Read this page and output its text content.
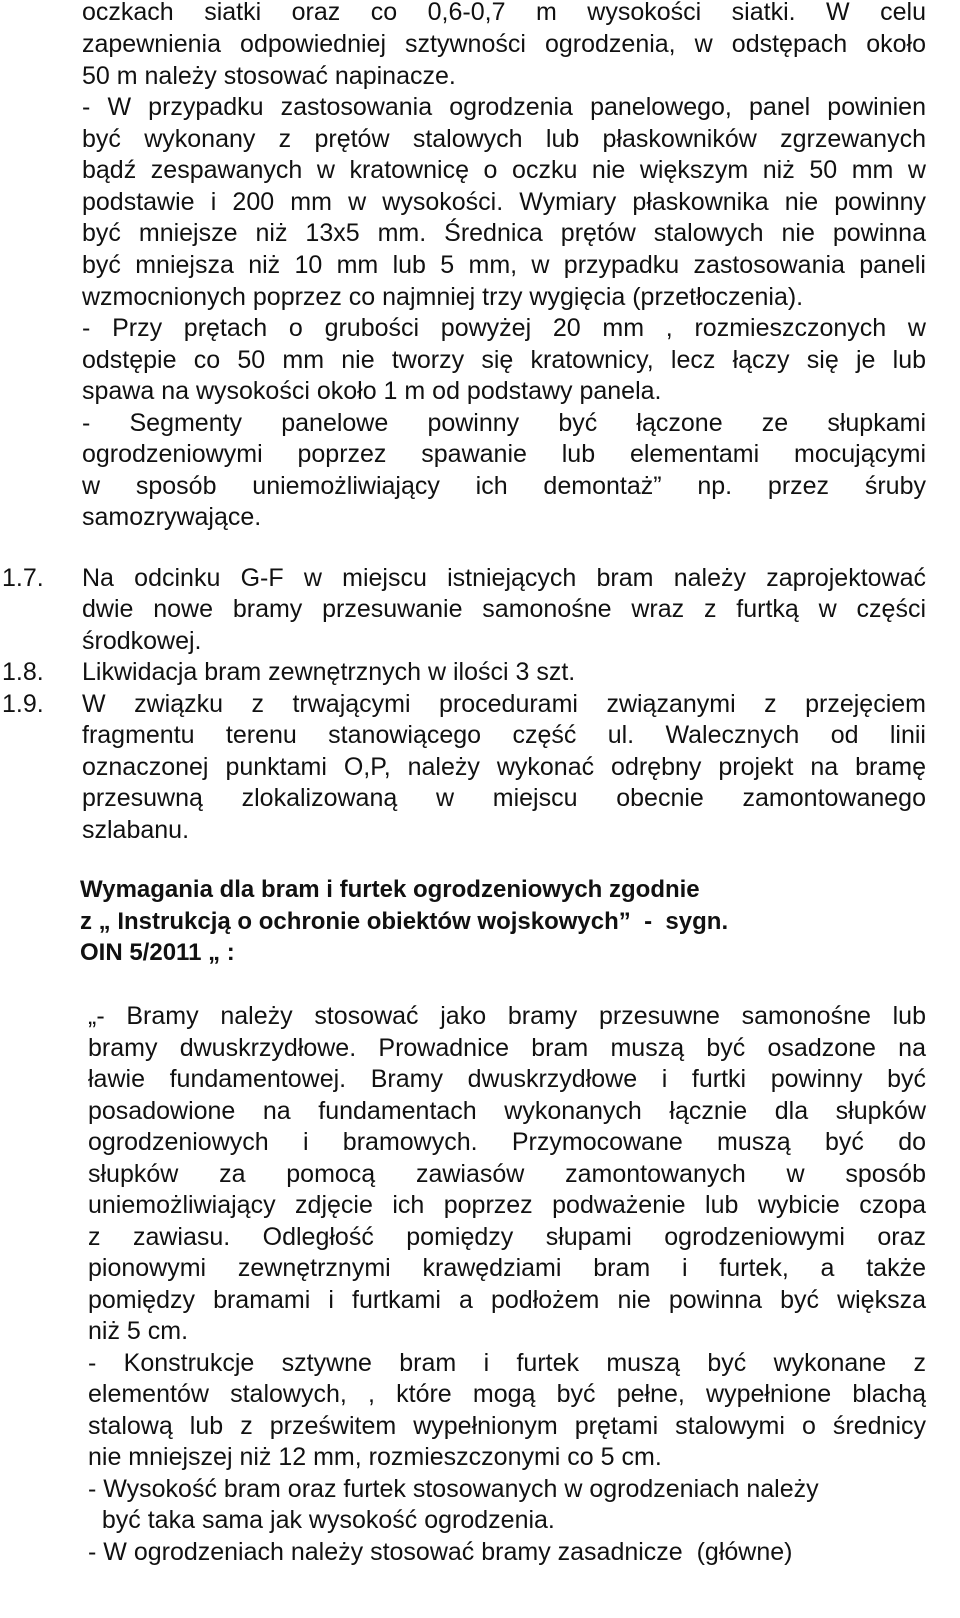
oczkach siatki oraz co 0,6-0,7 m wysokości siatki. W celu
zapewnienia odpowiedniej sztywności ogrodzenia, w odstępach około
50 m należy stosować napinacze.
- W przypadku zastosowania ogrodzenia panelowego, panel powinien
być wykonany z prętów stalowych lub płaskowników zgrzewanych
bądź zespawanych w kratownicę o oczku nie większym niż 50 mm w
podstawie i 200 mm w wysokości. Wymiary płaskownika nie powinny
być mniejsze niż 13x5 mm. Średnica prętów stalowych nie powinna
być mniejsza niż 10 mm lub 5 mm, w przypadku zastosowania paneli
wzmocnionych poprzez co najmniej trzy wygięcia (przetłoczenia).
- Przy prętach o grubości powyżej 20 mm , rozmieszczonych w
odstępie co 50 mm nie tworzy się kratownicy, lecz łączy się je lub
spawa na wysokości około 1 m od podstawy panela.
- Segmenty panelowe powinny być łączone ze słupkami
ogrodzeniowymi poprzez spawanie lub elementami mocującymi
w sposób uniemożliwiający ich demontaż” np. przez śruby
samozrywające.
1.7. Na odcinku G-F w miejscu istniejących bram należy zaprojektować
dwie nowe bramy przesuwanie samonośne wraz z furtką w części
środkowej.
1.8. Likwidacja bram zewnętrznych w ilości 3 szt.
1.9. W związku z trwającymi procedurami związanymi z przejęciem
fragmentu terenu stanowiącego część ul. Walecznych od linii
oznaczonej punktami O,P, należy wykonać odrębny projekt na bramę
przesuwną zlokalizowaną w miejscu obecnie zamontowanego
szlabanu.
Wymagania dla bram i furtek ogrodzeniowych zgodnie
z „ Instrukcją o ochronie obiektów wojskowych”  -  sygn.
OIN 5/2011 „ :
„- Bramy należy stosować jako bramy przesuwne samonośne lub
bramy dwuskrzydłowe. Prowadnice bram muszą być osadzone na
ławie fundamentowej. Bramy dwuskrzydłowe i furtki powinny być
posadowione na fundamentach wykonanych łącznie dla słupków
ogrodzeniowych i bramowych. Przymocowane muszą być do
słupków za pomocą zawiasów zamontowanych w sposób
uniemożliwiający zdjęcie ich poprzez podważenie lub wybicie czopa
z zawiasu. Odległość pomiędzy słupami ogrodzeniowymi oraz
pionowymi zewnętrznymi krawędziami bram i furtek, a także
pomiędzy bramami i furtkami a podłożem nie powinna być większa
niż 5 cm.
- Konstrukcje sztywne bram i furtek muszą być wykonane z
elementów stalowych, , które mogą być pełne, wypełnione blachą
stalową lub z prześwitem wypełnionym prętami stalowymi o średnicy
nie mniejszej niż 12 mm, rozmieszczonymi co 5 cm.
- Wysokość bram oraz furtek stosowanych w ogrodzeniach należy
być taka sama jak wysokość ogrodzenia.
- W ogrodzeniach należy stosować bramy zasadnicze  (główne)
